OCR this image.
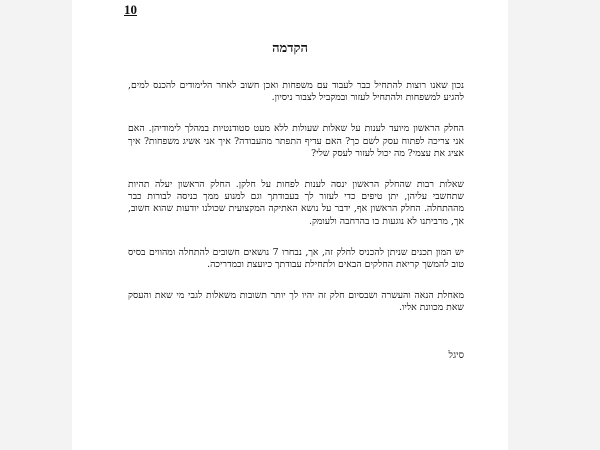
10
הקדמה

נכון שאנו רוצות להתחיל כבר לעבוד עם משפחות ואכן חשוב לאחר הלימודים להכנס למים, להגיע למשפחות ולהתחיל לעזור ובמקביל לצבור ניסיון.

החלק הראשון מיועד לענות על שאלות שעולות ללא מעט סטודנטיות במהלך לימודיהן. האם אני צריכה לפתוח עסק לשם כך? האם עדיף התפתר מהעבודה? איך אני אשיג משפחות? איך אציג את עצמי? מה יכול לעזור לעסק שלי?

שאלות רבות שהחלק הראשון ינסה לענות לפחות על חלקן. החלק הראשון יעלה תהיות שתחשבי עליהן, יתן טיפים כדי לעזור לך בעבודתך וגם למנוע ממך כניסה לבורות כבר מההתחלה. החלק הראשון אף, ידבר על נושא האתיקה המקצועית שכולנו יודעות שהוא חשוב, אך, מרביתנו לא נוגעות בו בהרחבה ולעומק.

יש המון תכנים שניתן להכניס לחלק זה, אך, נבחרו 7 נושאים חשובים להתחלה ומהווים בסיס טוב להמשך קריאת החלקים הבאים ולתחילת עבודתך כיועצת וכמדריכה.

מאחלת הנאה והעשרה ושבסיום חלק זה יהיו לך יותר תשובות משאלות לגבי מי שאת והעסק שאת מכוונת אליו.

סיגל
